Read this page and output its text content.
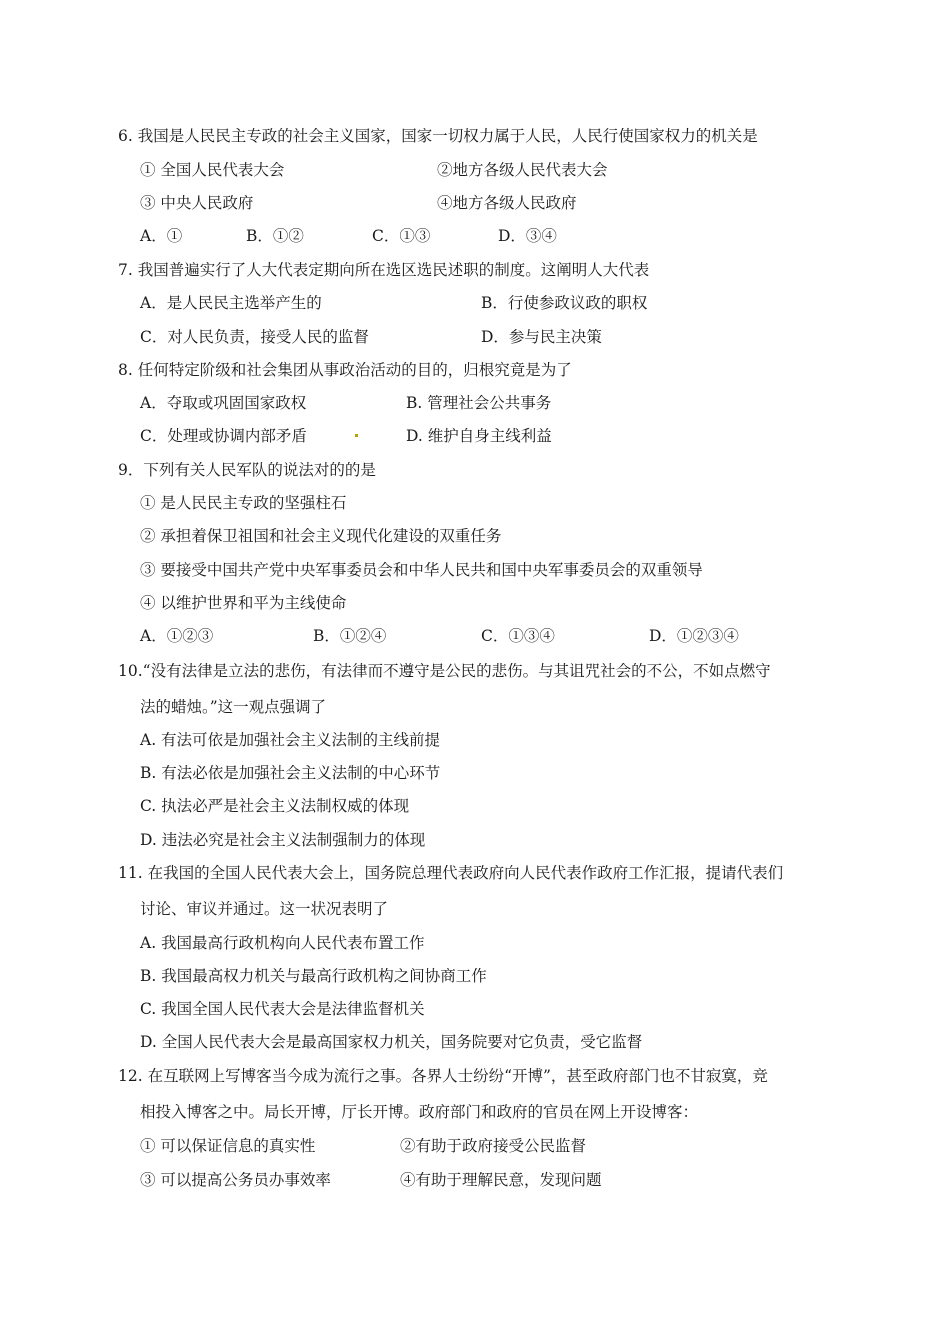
6. 我国是人民民主专政的社会主义国家，国家一切权力属于人民，人民行使国家权力的机关是
① 全国人民代表大会	②地方各级人民代表大会
③ 中央人民政府	④地方各级人民政府
A．①	B．①②	C．①③	D．③④
7. 我国普遍实行了人大代表定期向所在选区选民述职的制度。这阐明人大代表
A．是人民民主选举产生的	B．行使参政议政的职权
C．对人民负责，接受人民的监督	D．参与民主决策
8. 任何特定阶级和社会集团从事政治活动的目的，归根究竟是为了
A．夺取或巩固国家政权	B. 管理社会公共事务
C．处理或协调内部矛盾	D. 维护自身主线利益
9．下列有关人民军队的说法对的的是
① 是人民民主专政的坚强柱石
② 承担着保卫祖国和社会主义现代化建设的双重任务
③ 要接受中国共产党中央军事委员会和中华人民共和国中央军事委员会的双重领导
④ 以维护世界和平为主线使命
A．①②③	B．①②④	C．①③④	D．①②③④
10.“没有法律是立法的悲伤，有法律而不遵守是公民的悲伤。与其诅咒社会的不公，不如点燃守
法的蜡烛。”这一观点强调了
A. 有法可依是加强社会主义法制的主线前提
B. 有法必依是加强社会主义法制的中心环节
C. 执法必严是社会主义法制权威的体现
D. 违法必究是社会主义法制强制力的体现
11. 在我国的全国人民代表大会上，国务院总理代表政府向人民代表作政府工作汇报，提请代表们
讨论、审议并通过。这一状况表明了
A. 我国最高行政机构向人民代表布置工作
B. 我国最高权力机关与最高行政机构之间协商工作
C. 我国全国人民代表大会是法律监督机关
D. 全国人民代表大会是最高国家权力机关，国务院要对它负责，受它监督
12. 在互联网上写博客当今成为流行之事。各界人士纷纷“开博”，甚至政府部门也不甘寂寞，竞
相投入博客之中。局长开博，厅长开博。政府部门和政府的官员在网上开设博客：
① 可以保证信息的真实性	②有助于政府接受公民监督
③ 可以提高公务员办事效率	④有助于理解民意，发现问题
